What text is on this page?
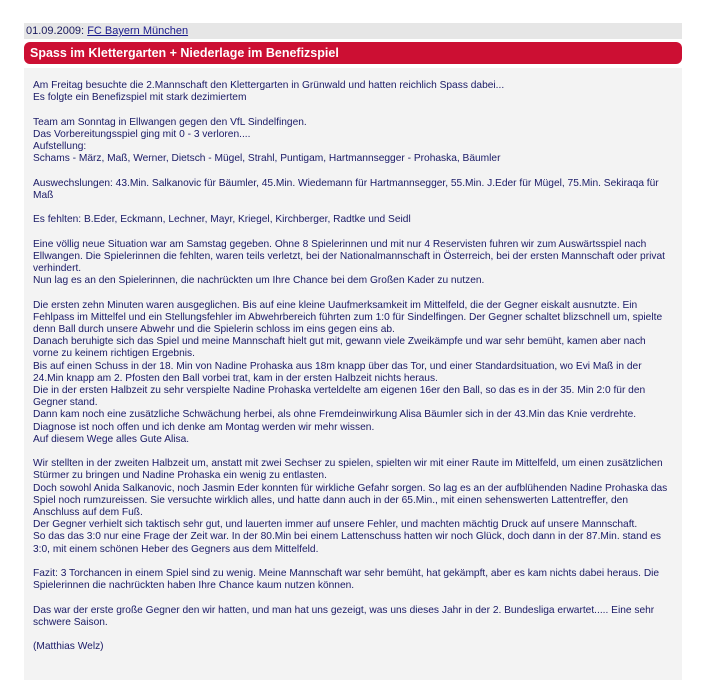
01.09.2009: FC Bayern München
Spass im Klettergarten + Niederlage im Benefizspiel
Am Freitag besuchte die 2.Mannschaft den Klettergarten in Grünwald und hatten reichlich Spass dabei...
Es folgte ein Benefizspiel mit stark dezimiertem
Team am Sonntag in Ellwangen gegen den VfL Sindelfingen.
Das Vorbereitungsspiel ging mit 0 - 3 verloren....
Aufstellung:
Schams - März, Maß, Werner, Dietsch - Mügel, Strahl, Puntigam, Hartmannsegger - Prohaska, Bäumler
Auswechslungen: 43.Min. Salkanovic für Bäumler, 45.Min. Wiedemann für Hartmannsegger, 55.Min. J.Eder für Mügel, 75.Min. Sekiraqa für
Maß
Es fehlten: B.Eder, Eckmann, Lechner, Mayr, Kriegel, Kirchberger, Radtke und Seidl
Eine völlig neue Situation war am Samstag gegeben. Ohne 8 Spielerinnen und mit nur 4 Reservisten fuhren wir zum Auswärtsspiel nach
Ellwangen. Die Spielerinnen die fehlten, waren teils verletzt, bei der Nationalmannschaft in Österreich, bei der ersten Mannschaft oder privat
verhindert.
Nun lag es an den Spielerinnen, die nachrückten um Ihre Chance bei dem Großen Kader zu nutzen.
Die ersten zehn Minuten waren ausgeglichen. Bis auf eine kleine Uaufmerksamkeit im Mittelfeld, die der Gegner eiskalt ausnutzte. Ein
Fehlpass im Mittelfel und ein Stellungsfehler im Abwehrbereich führten zum 1:0 für Sindelfingen. Der Gegner schaltet blizschnell um, spielte
denn Ball durch unsere Abwehr und die Spielerin schloss im eins gegen eins ab.
Danach beruhigte sich das Spiel und meine Mannschaft hielt gut mit, gewann viele Zweikämpfe und war sehr bemüht, kamen aber nach
vorne zu keinem richtigen Ergebnis.
Bis auf einen Schuss in der 18. Min von Nadine Prohaska aus 18m knapp über das Tor, und einer Standardsituation, wo Evi Maß in der
24.Min knapp am 2. Pfosten den Ball vorbei trat, kam in der ersten Halbzeit nichts heraus.
Die in der ersten Halbzeit zu sehr verspielte Nadine Prohaska verteldelte am eigenen 16er den Ball, so das es in der 35. Min 2:0 für den
Gegner stand.
Dann kam noch eine zusätzliche Schwächung herbei, als ohne Fremdeinwirkung Alisa Bäumler sich in der 43.Min das Knie verdrehte.
Diagnose ist noch offen und ich denke am Montag werden wir mehr wissen.
Auf diesem Wege alles Gute Alisa.
Wir stellten in der zweiten Halbzeit um, anstatt mit zwei Sechser zu spielen, spielten wir mit einer Raute im Mittelfeld, um einen zusätzlichen
Stürmer zu bringen und Nadine Prohaska ein wenig zu entlasten.
Doch sowohl Anida Salkanovic, noch Jasmin Eder konnten für wirkliche Gefahr sorgen. So lag es an der aufblühenden Nadine Prohaska das
Spiel noch rumzureissen. Sie versuchte wirklich alles, und hatte dann auch in der 65.Min., mit einen sehenswerten Lattentreffer, den
Anschluss auf dem Fuß.
Der Gegner verhielt sich taktisch sehr gut, und lauerten immer auf unsere Fehler, und machten mächtig Druck auf unsere Mannschaft.
So das das 3:0 nur eine Frage der Zeit war. In der 80.Min bei einem Lattenschuss hatten wir noch Glück, doch dann in der 87.Min. stand es
3:0, mit einem schönen Heber des Gegners aus dem Mittelfeld.
Fazit: 3 Torchancen in einem Spiel sind zu wenig. Meine Mannschaft war sehr bemüht, hat gekämpft, aber es kam nichts dabei heraus. Die
Spielerinnen die nachrückten haben Ihre Chance kaum nutzen können.
Das war der erste große Gegner den wir hatten, und man hat uns gezeigt, was uns dieses Jahr in der 2. Bundesliga erwartet..... Eine sehr
schwere Saison.
(Matthias Welz)
